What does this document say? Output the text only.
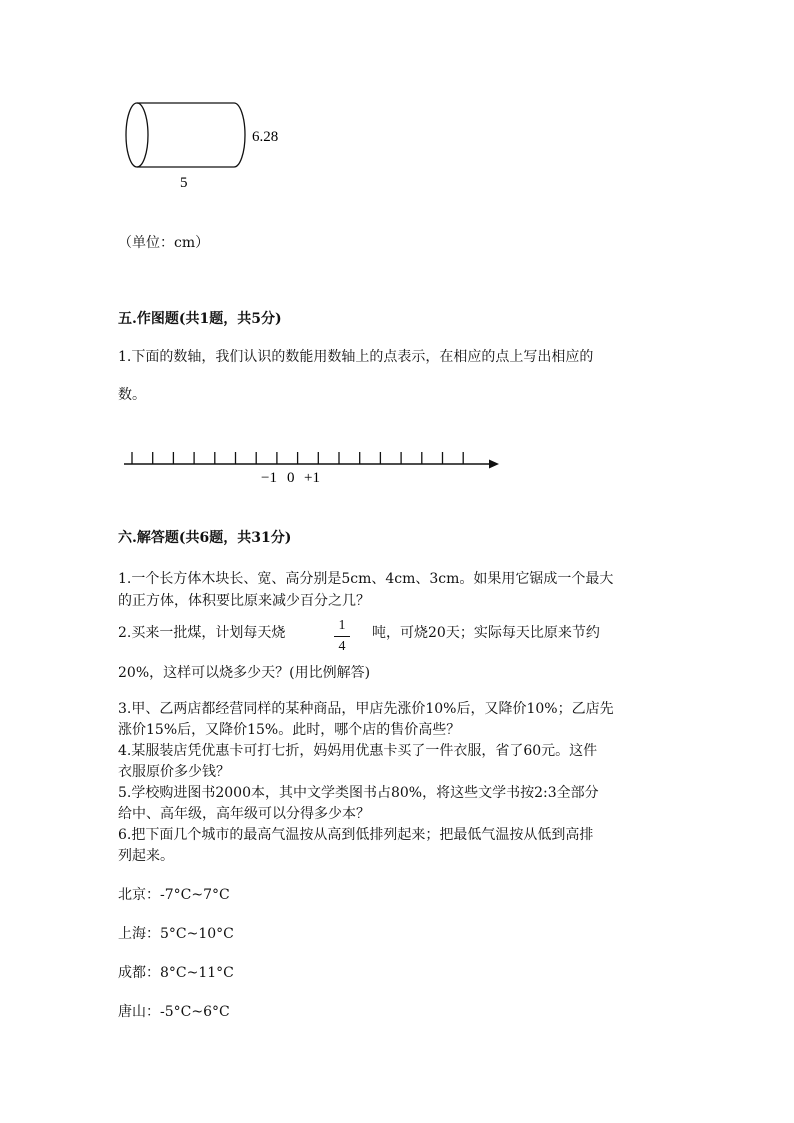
6.28
5
（单位：cm）
五.作图题(共1题，共5分)
1.下面的数轴，我们认识的数能用数轴上的点表示，在相应的点上写出相应的
数。
−1 0 +1
六.解答题(共6题，共31分)
1.一个长方体木块长、宽、高分别是5cm、4cm、3cm。如果用它锯成一个最大
的正方体，体积要比原来减少百分之几？
2.买来一批煤，计划每天烧	1
4
吨，可烧20天；实际每天比原来节约
20%，这样可以烧多少天？(用比例解答)
3.甲、乙两店都经营同样的某种商品，甲店先涨价10%后，又降价10%；乙店先
涨价15%后，又降价15%。此时，哪个店的售价高些？
4.某服装店凭优惠卡可打七折，妈妈用优惠卡买了一件衣服，省了60元。这件
衣服原价多少钱？
5.学校购进图书2000本，其中文学类图书占80%，将这些文学书按2:3全部分
给中、高年级，高年级可以分得多少本？
6.把下面几个城市的最高气温按从高到低排列起来；把最低气温按从低到高排
列起来。
北京：-7°C~7°C
上海：5°C~10°C
成都：8°C~11°C
唐山：-5°C~6°C
